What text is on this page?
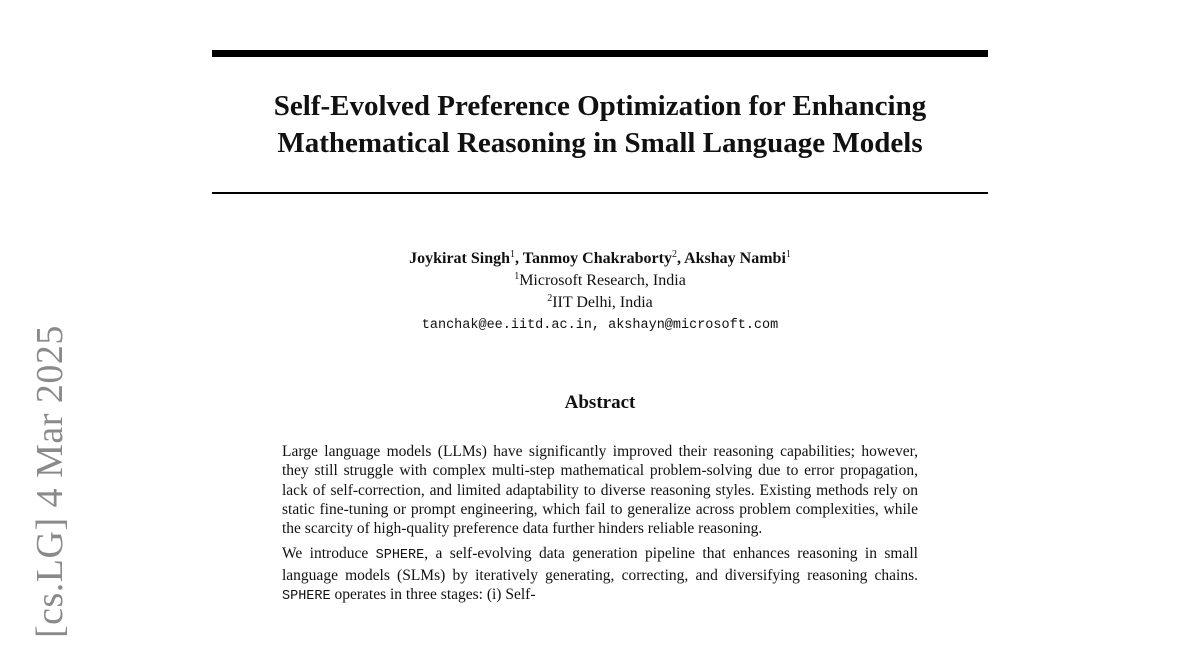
[cs.LG] 4 Mar 2025
Self-Evolved Preference Optimization for Enhancing
Mathematical Reasoning in Small Language Models
Joykirat Singh$^1$, Tanmoy Chakraborty$^2$, Akshay Nambi$^1$
$^1$Microsoft Research, India
$^2$IIT Delhi, India
tanchak@ee.iitd.ac.in, akshayn@microsoft.com
Abstract

Large language models (LLMs) have significantly improved their reasoning capabilities; however, they still struggle with complex multi-step mathematical problem-solving due to error propagation, lack of self-correction, and limited adaptability to diverse reasoning styles. Existing methods rely on static fine-tuning or prompt engineering, which fail to generalize across problem complexities, while the scarcity of high-quality preference data further hinders reliable reasoning.

We introduce SPHERE, a self-evolving data generation pipeline that enhances reasoning in small language models (SLMs) by iteratively generating, correcting, and diversifying reasoning chains. SPHERE operates in three stages: (i) Self-
